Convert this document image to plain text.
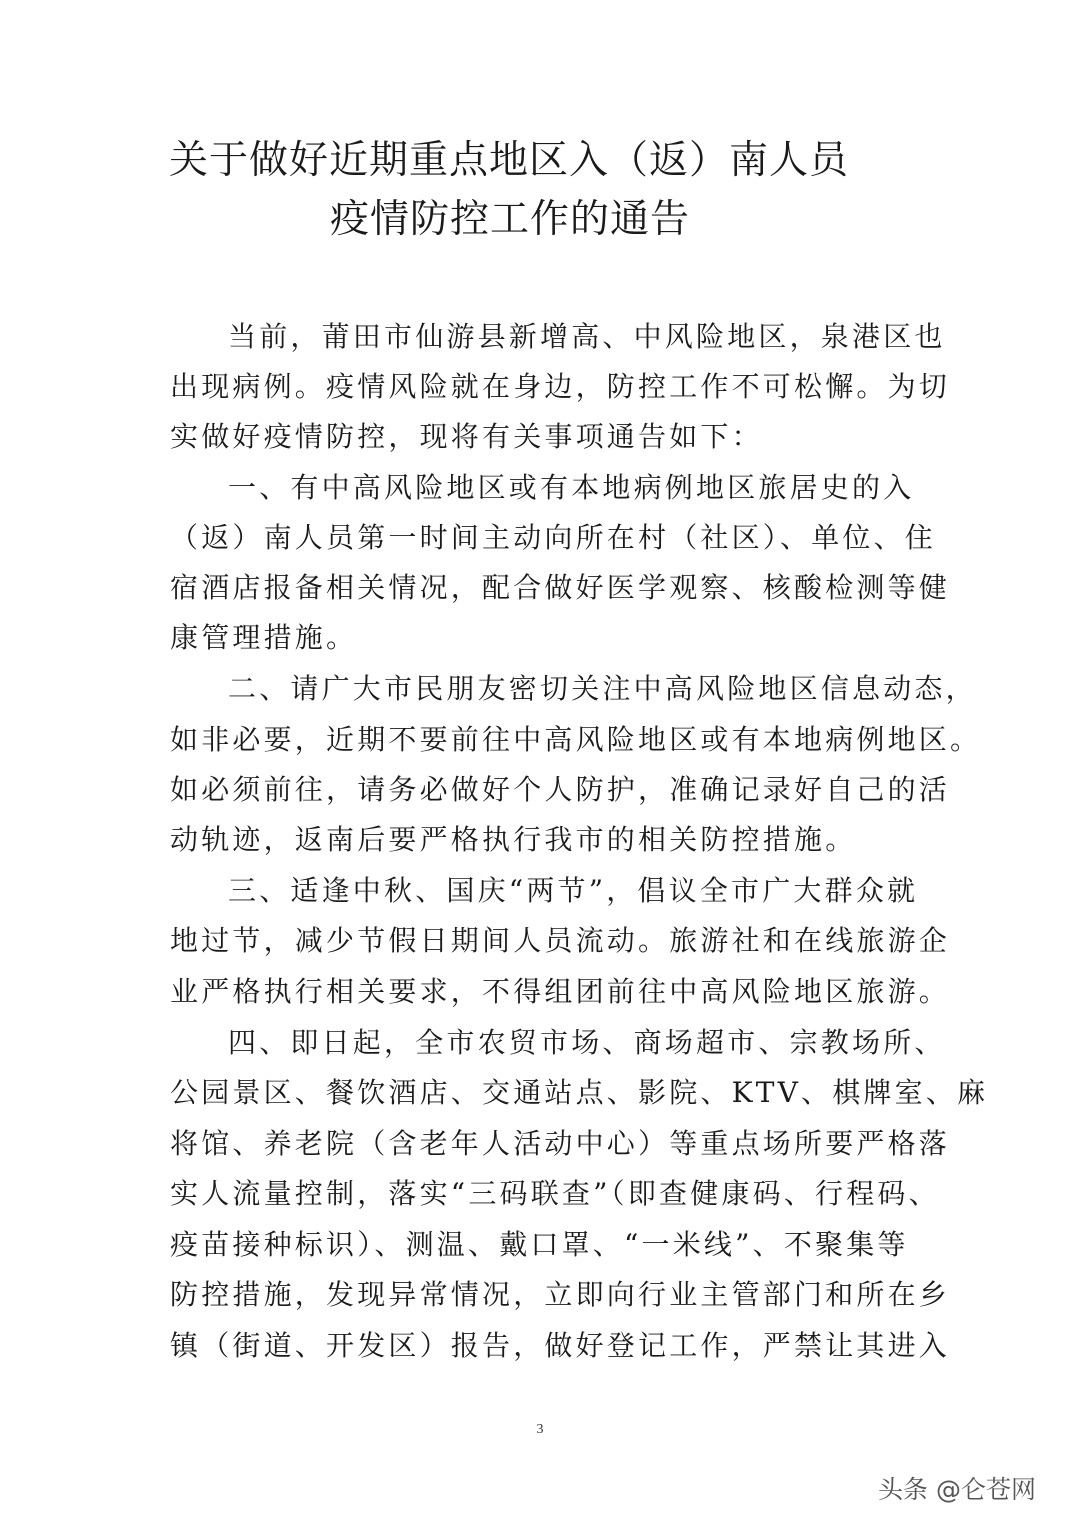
关于做好近期重点地区入（返）南人员
疫情防控工作的通告
当前，莆田市仙游县新增高、中风险地区，泉港区也
出现病例。疫情风险就在身边，防控工作不可松懈。为切
实做好疫情防控，现将有关事项通告如下：
一、有中高风险地区或有本地病例地区旅居史的入
（返）南人员第一时间主动向所在村（社区）、单位、住
宿酒店报备相关情况，配合做好医学观察、核酸检测等健
康管理措施。
二、请广大市民朋友密切关注中高风险地区信息动态，
如非必要，近期不要前往中高风险地区或有本地病例地区。
如必须前往，请务必做好个人防护，准确记录好自己的活
动轨迹，返南后要严格执行我市的相关防控措施。
三、适逢中秋、国庆“两节”，倡议全市广大群众就
地过节，减少节假日期间人员流动。旅游社和在线旅游企
业严格执行相关要求，不得组团前往中高风险地区旅游。
四、即日起，全市农贸市场、商场超市、宗教场所、
公园景区、餐饮酒店、交通站点、影院、KTV、棋牌室、麻
将馆、养老院（含老年人活动中心）等重点场所要严格落
实人流量控制，落实“三码联查”（即查健康码、行程码、
疫苗接种标识）、测温、戴口罩、“一米线”、不聚集等
防控措施，发现异常情况，立即向行业主管部门和所在乡
镇（街道、开发区）报告，做好登记工作，严禁让其进入
3
头条 @仑苍网
